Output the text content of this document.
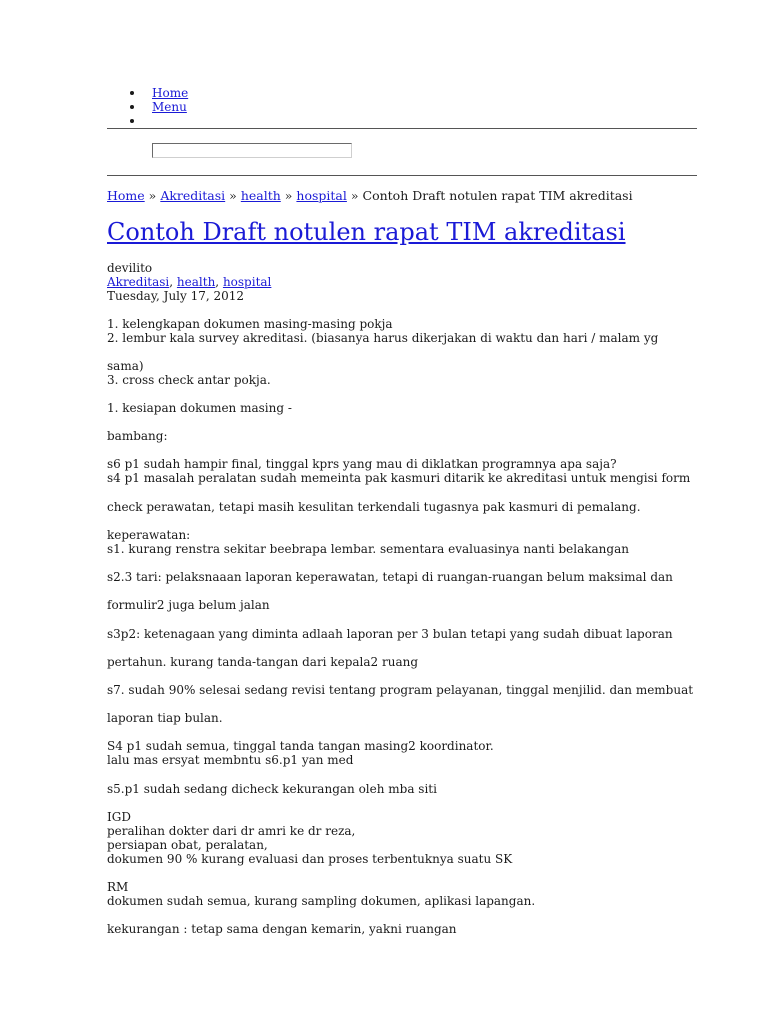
Home
Menu
Home » Akreditasi » health » hospital » Contoh Draft notulen rapat TIM akreditasi
Contoh Draft notulen rapat TIM akreditasi
devilito
Akreditasi, health, hospital
Tuesday, July 17, 2012
1. kelengkapan dokumen masing-masing pokja
2. lembur kala survey akreditasi. (biasanya harus dikerjakan di waktu dan hari / malam yg
sama)
3. cross check antar pokja.
1. kesiapan dokumen masing -
bambang:
s6 p1 sudah hampir final, tinggal kprs yang mau di diklatkan programnya apa saja?
s4 p1 masalah peralatan sudah memeinta pak kasmuri ditarik ke akreditasi untuk mengisi form
check perawatan, tetapi masih kesulitan terkendali tugasnya pak kasmuri di pemalang.
keperawatan:
s1. kurang renstra sekitar beebrapa lembar. sementara evaluasinya nanti belakangan
s2.3 tari: pelaksnaaan laporan keperawatan, tetapi di ruangan-ruangan belum maksimal dan
formulir2 juga belum jalan
s3p2: ketenagaan yang diminta adlaah laporan per 3 bulan tetapi yang sudah dibuat laporan
pertahun. kurang tanda-tangan dari kepala2 ruang
s7. sudah 90% selesai sedang revisi tentang program pelayanan, tinggal menjilid. dan membuat
laporan tiap bulan.
S4 p1 sudah semua, tinggal tanda tangan masing2 koordinator.
lalu mas ersyat membntu s6.p1 yan med
s5.p1 sudah sedang dicheck kekurangan oleh mba siti
IGD
peralihan dokter dari dr amri ke dr reza,
persiapan obat, peralatan,
dokumen 90 % kurang evaluasi dan proses terbentuknya suatu SK
RM
dokumen sudah semua, kurang sampling dokumen, aplikasi lapangan.
kekurangan : tetap sama dengan kemarin, yakni ruangan
